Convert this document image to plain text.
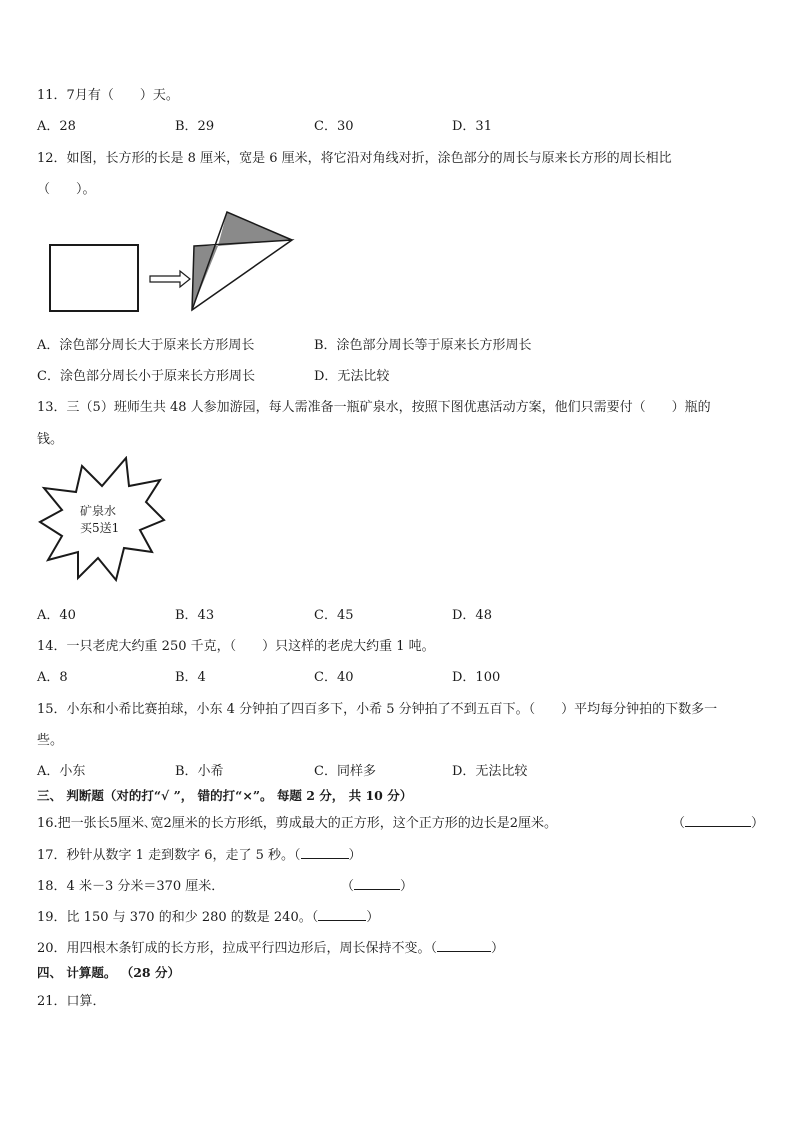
11．7月有（　　）天。
A．28	B．29	C．30	D．31
12．如图，长方形的长是 8 厘米，宽是 6 厘米，将它沿对角线对折，涂色部分的周长与原来长方形的周长相比
（　　）。
A．涂色部分周长大于原来长方形周长	B．涂色部分周长等于原来长方形周长
C．涂色部分周长小于原来长方形周长	D．无法比较
13．三（5）班师生共 48 人参加游园，每人需准备一瓶矿泉水，按照下图优惠活动方案，他们只需要付（　　）瓶的
钱。
矿泉水
买5送1
A．40	B．43	C．45	D．48
14．一只老虎大约重 250 千克，（　　）只这样的老虎大约重 1 吨。
A．8	B．4	C．40	D．100
15．小东和小希比赛拍球，小东 4 分钟拍了四百多下，小希 5 分钟拍了不到五百下。（　　）平均每分钟拍的下数多一
些。
A．小东	B．小希	C．同样多	D．无法比较
三、 判断题（对的打“√ ”， 错的打“×”。 每题 2 分， 共 10 分）
16.把一张长5厘米､宽2厘米的长方形纸，剪成最大的正方形，这个正方形的边长是2厘米。	（	）
17．秒针从数字 1 走到数字 6，走了 5 秒。（	）
18．4 米－3 分米＝370 厘米．	（	）
19．比 150 与 370 的和少 280 的数是 240。（	）
20．用四根木条钉成的长方形，拉成平行四边形后，周长保持不变。（	）
四、 计算题。 （28 分）
21．口算．
